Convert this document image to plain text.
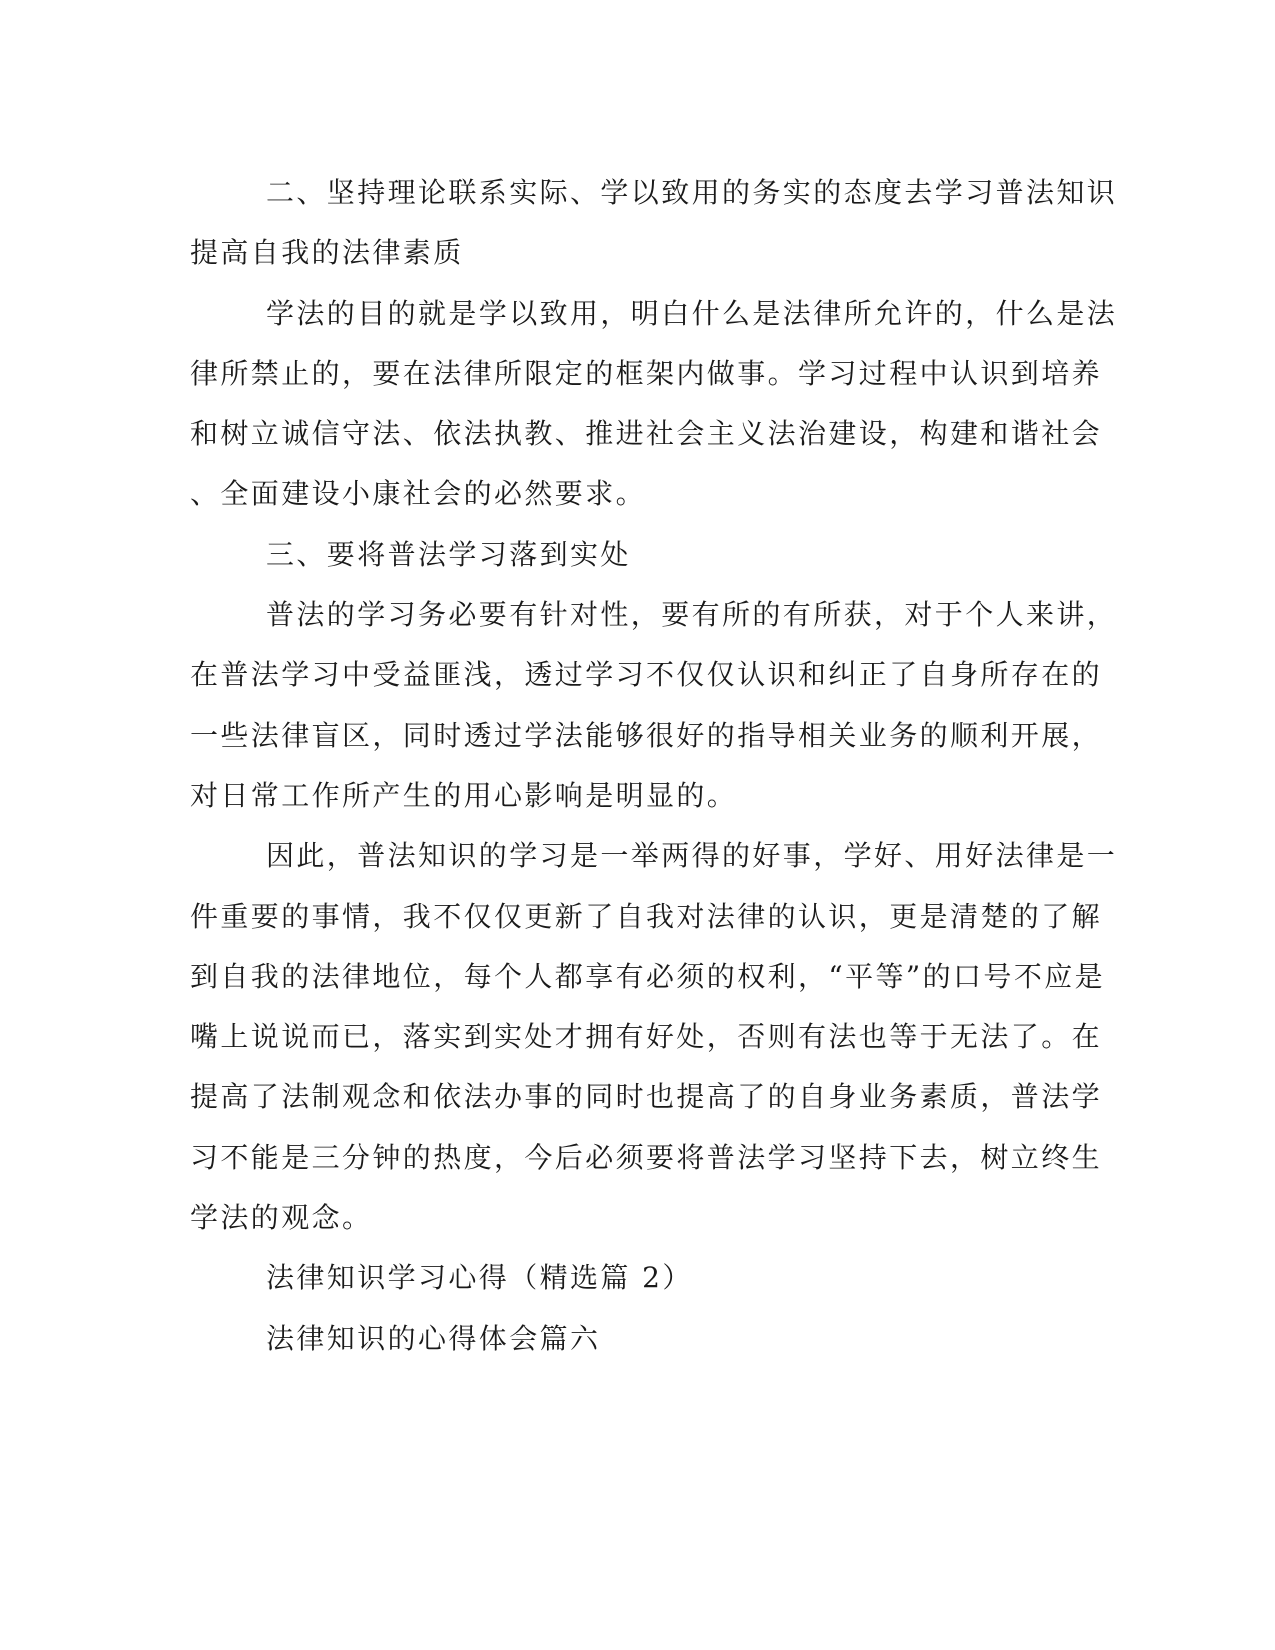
二、坚持理论联系实际、学以致用的务实的态度去学习普法知识
提高自我的法律素质
学法的目的就是学以致用，明白什么是法律所允许的，什么是法
律所禁止的，要在法律所限定的框架内做事。学习过程中认识到培养
和树立诚信守法、依法执教、推进社会主义法治建设，构建和谐社会
、全面建设小康社会的必然要求。
三、要将普法学习落到实处
普法的学习务必要有针对性，要有所的有所获，对于个人来讲，
在普法学习中受益匪浅，透过学习不仅仅认识和纠正了自身所存在的
一些法律盲区，同时透过学法能够很好的指导相关业务的顺利开展，
对日常工作所产生的用心影响是明显的。
因此，普法知识的学习是一举两得的好事，学好、用好法律是一
件重要的事情，我不仅仅更新了自我对法律的认识，更是清楚的了解
到自我的法律地位，每个人都享有必须的权利，“平等”的口号不应是
嘴上说说而已，落实到实处才拥有好处，否则有法也等于无法了。在
提高了法制观念和依法办事的同时也提高了的自身业务素质，普法学
习不能是三分钟的热度，今后必须要将普法学习坚持下去，树立终生
学法的观念。
法律知识学习心得（精选篇 2）
法律知识的心得体会篇六
